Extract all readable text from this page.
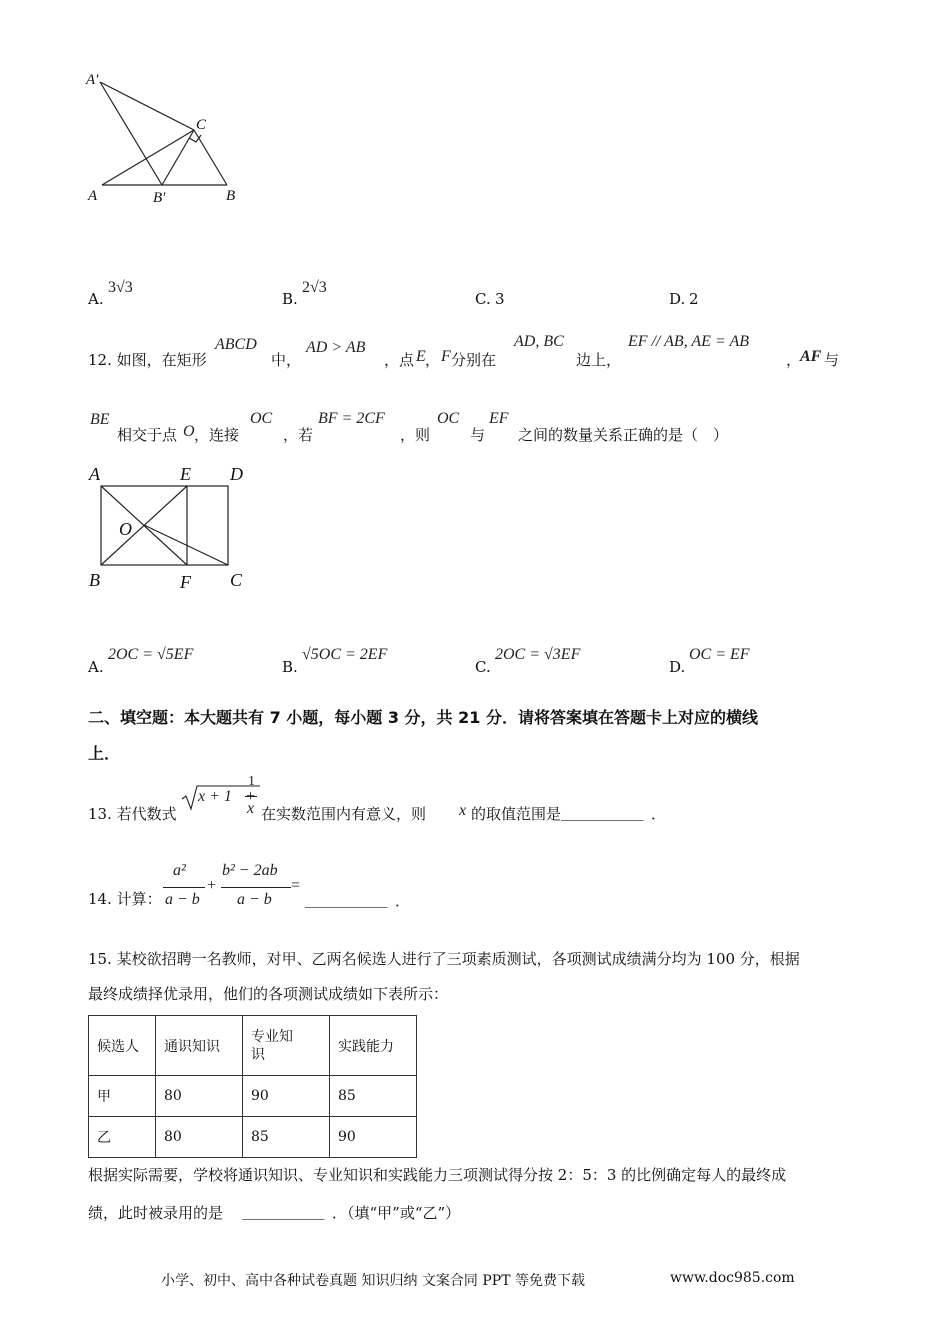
A′
C
A	B′	B
A.
3√3
B.
2√3
C. 3	D. 2
12. 如图，在矩形
ABCD
中，
AD > AB
，点 E ， F 分别在
AD, BC
边上，
EF // AB, AE = AB
，
AF 与
BE
相交于点 O ，连接
OC
，若
BF = 2CF
，则
OC
与
EF
之间的数量关系正确的是（　）
A	E D
O
B	F C
A.
2OC = √5EF
B.
√5OC = 2EF
C.
2OC = √3EF
D.
OC = EF
二、填空题：本大题共有 7 小题，每小题 3 分，共 21 分．请将答案填在答题卡上对应的横线
上．
13. 若代数式
x + 1
1
x 在实数范围内有意义，则 x 的取值范围是 ___________ ．
14. 计算：
a²
a − b
+
b² − 2ab
a − b
=
___________ ．
15. 某校欲招聘一名教师，对甲、乙两名候选人进行了三项素质测试，各项测试成绩满分均为 100 分，根据
最终成绩择优录用，他们的各项测试成绩如下表所示：
候选人	通识知识	专业知识	实践能力
甲	80	90	85
乙	80	85	90
根据实际需要，学校将通识知识、专业知识和实践能力三项测试得分按 2：5：3 的比例确定每人的最终成
绩，此时被录用的是 ___________ ．（填“甲”或“乙”）
小学、初中、高中各种试卷真题 知识归纳 文案合同 PPT 等免费下载	www.doc985.com
